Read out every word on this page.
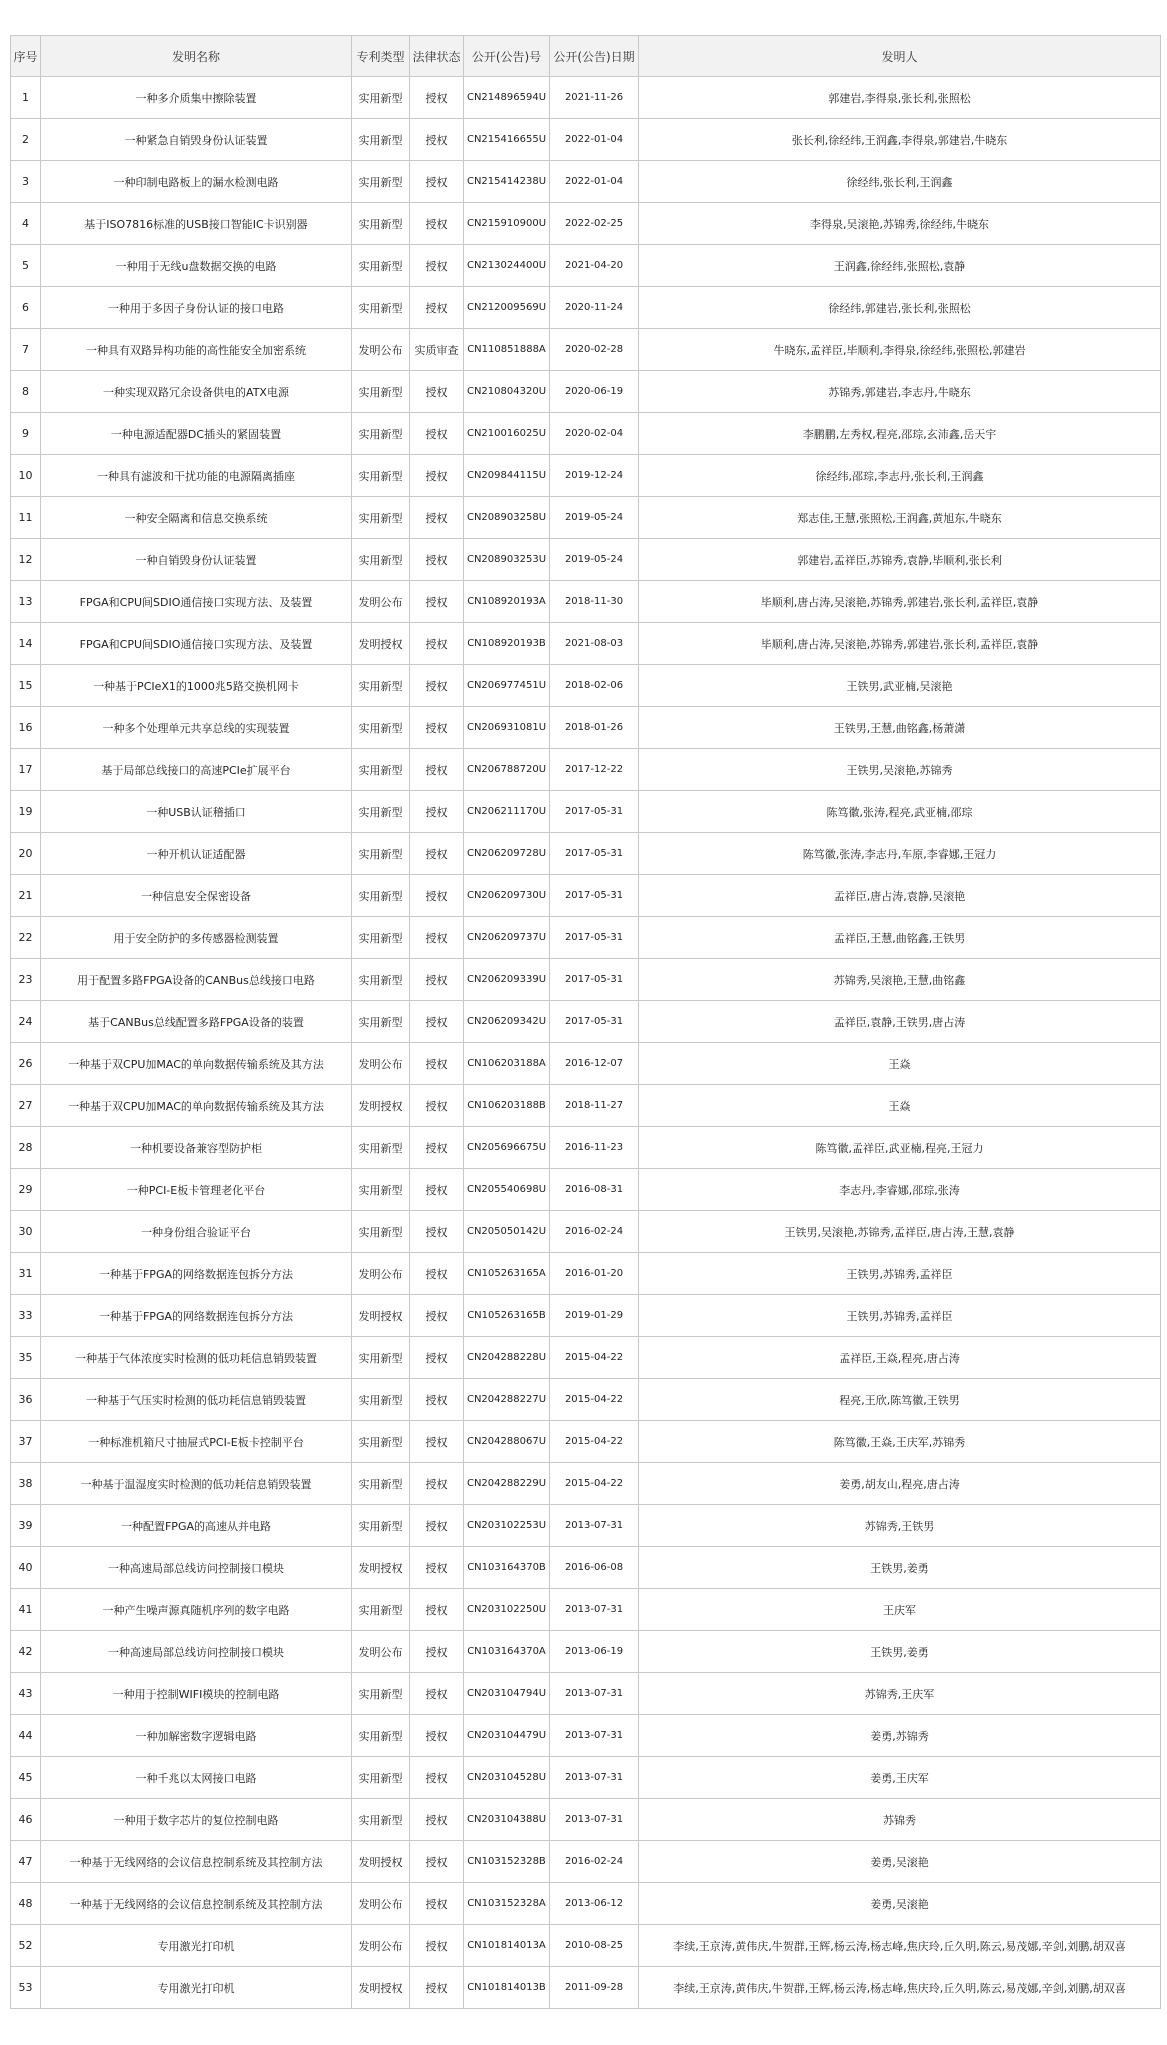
序号	发明名称	专利类型	法律状态	公开(公告)号	公开(公告)日期	发明人
1	一种多介质集中擦除装置	实用新型	授权	CN214896594U	2021-11-26	郭建岩,李得泉,张长利,张照松
2	一种紧急自销毁身份认证装置	实用新型	授权	CN215416655U	2022-01-04	张长利,徐经纬,王润鑫,李得泉,郭建岩,牛晓东
3	一种印制电路板上的漏水检测电路	实用新型	授权	CN215414238U	2022-01-04	徐经纬,张长利,王润鑫
4	基于ISO7816标准的USB接口智能IC卡识别器	实用新型	授权	CN215910900U	2022-02-25	李得泉,吴滚艳,苏锦秀,徐经纬,牛晓东
5	一种用于无线u盘数据交换的电路	实用新型	授权	CN213024400U	2021-04-20	王润鑫,徐经纬,张照松,袁静
6	一种用于多因子身份认证的接口电路	实用新型	授权	CN212009569U	2020-11-24	徐经纬,郭建岩,张长利,张照松
7	一种具有双路异构功能的高性能安全加密系统	发明公布	实质审查	CN110851888A	2020-02-28	牛晓东,孟祥臣,毕顺利,李得泉,徐经纬,张照松,郭建岩
8	一种实现双路冗余设备供电的ATX电源	实用新型	授权	CN210804320U	2020-06-19	苏锦秀,郭建岩,李志丹,牛晓东
9	一种电源适配器DC插头的紧固装置	实用新型	授权	CN210016025U	2020-02-04	李鹏鹏,左秀权,程亮,邵琮,玄沛鑫,岳天宇
10	一种具有滤波和干扰功能的电源隔离插座	实用新型	授权	CN209844115U	2019-12-24	徐经纬,邵琮,李志丹,张长利,王润鑫
11	一种安全隔离和信息交换系统	实用新型	授权	CN208903258U	2019-05-24	郑志佳,王慧,张照松,王润鑫,黄旭东,牛晓东
12	一种自销毁身份认证装置	实用新型	授权	CN208903253U	2019-05-24	郭建岩,孟祥臣,苏锦秀,袁静,毕顺利,张长利
13	FPGA和CPU间SDIO通信接口实现方法、及装置	发明公布	授权	CN108920193A	2018-11-30	毕顺利,唐占涛,吴滚艳,苏锦秀,郭建岩,张长利,孟祥臣,袁静
14	FPGA和CPU间SDIO通信接口实现方法、及装置	发明授权	授权	CN108920193B	2021-08-03	毕顺利,唐占涛,吴滚艳,苏锦秀,郭建岩,张长利,孟祥臣,袁静
15	一种基于PCIeX1的1000兆5路交换机网卡	实用新型	授权	CN206977451U	2018-02-06	王铁男,武亚楠,吴滚艳
16	一种多个处理单元共享总线的实现装置	实用新型	授权	CN206931081U	2018-01-26	王铁男,王慧,曲铭鑫,杨萧潇
17	基于局部总线接口的高速PCIe扩展平台	实用新型	授权	CN206788720U	2017-12-22	王铁男,吴滚艳,苏锦秀
19	一种USB认证稽插口	实用新型	授权	CN206211170U	2017-05-31	陈笃徽,张涛,程亮,武亚楠,邵琮
20	一种开机认证适配器	实用新型	授权	CN206209728U	2017-05-31	陈笃徽,张涛,李志丹,车原,李睿娜,王冠力
21	一种信息安全保密设备	实用新型	授权	CN206209730U	2017-05-31	孟祥臣,唐占涛,袁静,吴滚艳
22	用于安全防护的多传感器检测装置	实用新型	授权	CN206209737U	2017-05-31	孟祥臣,王慧,曲铭鑫,王铁男
23	用于配置多路FPGA设备的CANBus总线接口电路	实用新型	授权	CN206209339U	2017-05-31	苏锦秀,吴滚艳,王慧,曲铭鑫
24	基于CANBus总线配置多路FPGA设备的装置	实用新型	授权	CN206209342U	2017-05-31	孟祥臣,袁静,王铁男,唐占涛
26	一种基于双CPU加MAC的单向数据传输系统及其方法	发明公布	授权	CN106203188A	2016-12-07	王焱
27	一种基于双CPU加MAC的单向数据传输系统及其方法	发明授权	授权	CN106203188B	2018-11-27	王焱
28	一种机要设备兼容型防护柜	实用新型	授权	CN205696675U	2016-11-23	陈笃徽,孟祥臣,武亚楠,程亮,王冠力
29	一种PCI-E板卡管理老化平台	实用新型	授权	CN205540698U	2016-08-31	李志丹,李睿娜,邵琮,张涛
30	一种身份组合验证平台	实用新型	授权	CN205050142U	2016-02-24	王铁男,吴滚艳,苏锦秀,孟祥臣,唐占涛,王慧,袁静
31	一种基于FPGA的网络数据连包拆分方法	发明公布	授权	CN105263165A	2016-01-20	王铁男,苏锦秀,孟祥臣
33	一种基于FPGA的网络数据连包拆分方法	发明授权	授权	CN105263165B	2019-01-29	王铁男,苏锦秀,孟祥臣
35	一种基于气体浓度实时检测的低功耗信息销毁装置	实用新型	授权	CN204288228U	2015-04-22	孟祥臣,王焱,程亮,唐占涛
36	一种基于气压实时检测的低功耗信息销毁装置	实用新型	授权	CN204288227U	2015-04-22	程亮,王欣,陈笃徽,王铁男
37	一种标准机箱尺寸抽屉式PCI-E板卡控制平台	实用新型	授权	CN204288067U	2015-04-22	陈笃徽,王焱,王庆军,苏锦秀
38	一种基于温湿度实时检测的低功耗信息销毁装置	实用新型	授权	CN204288229U	2015-04-22	姜勇,胡友山,程亮,唐占涛
39	一种配置FPGA的高速从并电路	实用新型	授权	CN203102253U	2013-07-31	苏锦秀,王铁男
40	一种高速局部总线访问控制接口模块	发明授权	授权	CN103164370B	2016-06-08	王铁男,姜勇
41	一种产生噪声源真随机序列的数字电路	实用新型	授权	CN203102250U	2013-07-31	王庆军
42	一种高速局部总线访问控制接口模块	发明公布	授权	CN103164370A	2013-06-19	王铁男,姜勇
43	一种用于控制WIFI模块的控制电路	实用新型	授权	CN203104794U	2013-07-31	苏锦秀,王庆军
44	一种加解密数字逻辑电路	实用新型	授权	CN203104479U	2013-07-31	姜勇,苏锦秀
45	一种千兆以太网接口电路	实用新型	授权	CN203104528U	2013-07-31	姜勇,王庆军
46	一种用于数字芯片的复位控制电路	实用新型	授权	CN203104388U	2013-07-31	苏锦秀
47	一种基于无线网络的会议信息控制系统及其控制方法	发明授权	授权	CN103152328B	2016-02-24	姜勇,吴滚艳
48	一种基于无线网络的会议信息控制系统及其控制方法	发明公布	授权	CN103152328A	2013-06-12	姜勇,吴滚艳
52	专用激光打印机	发明公布	授权	CN101814013A	2010-08-25	李续,王京涛,黄伟庆,牛贺群,王辉,杨云涛,杨志峰,焦庆玲,丘久明,陈云,易茂娜,辛剑,刘鹏,胡双喜
53	专用激光打印机	发明授权	授权	CN101814013B	2011-09-28	李续,王京涛,黄伟庆,牛贺群,王辉,杨云涛,杨志峰,焦庆玲,丘久明,陈云,易茂娜,辛剑,刘鹏,胡双喜
